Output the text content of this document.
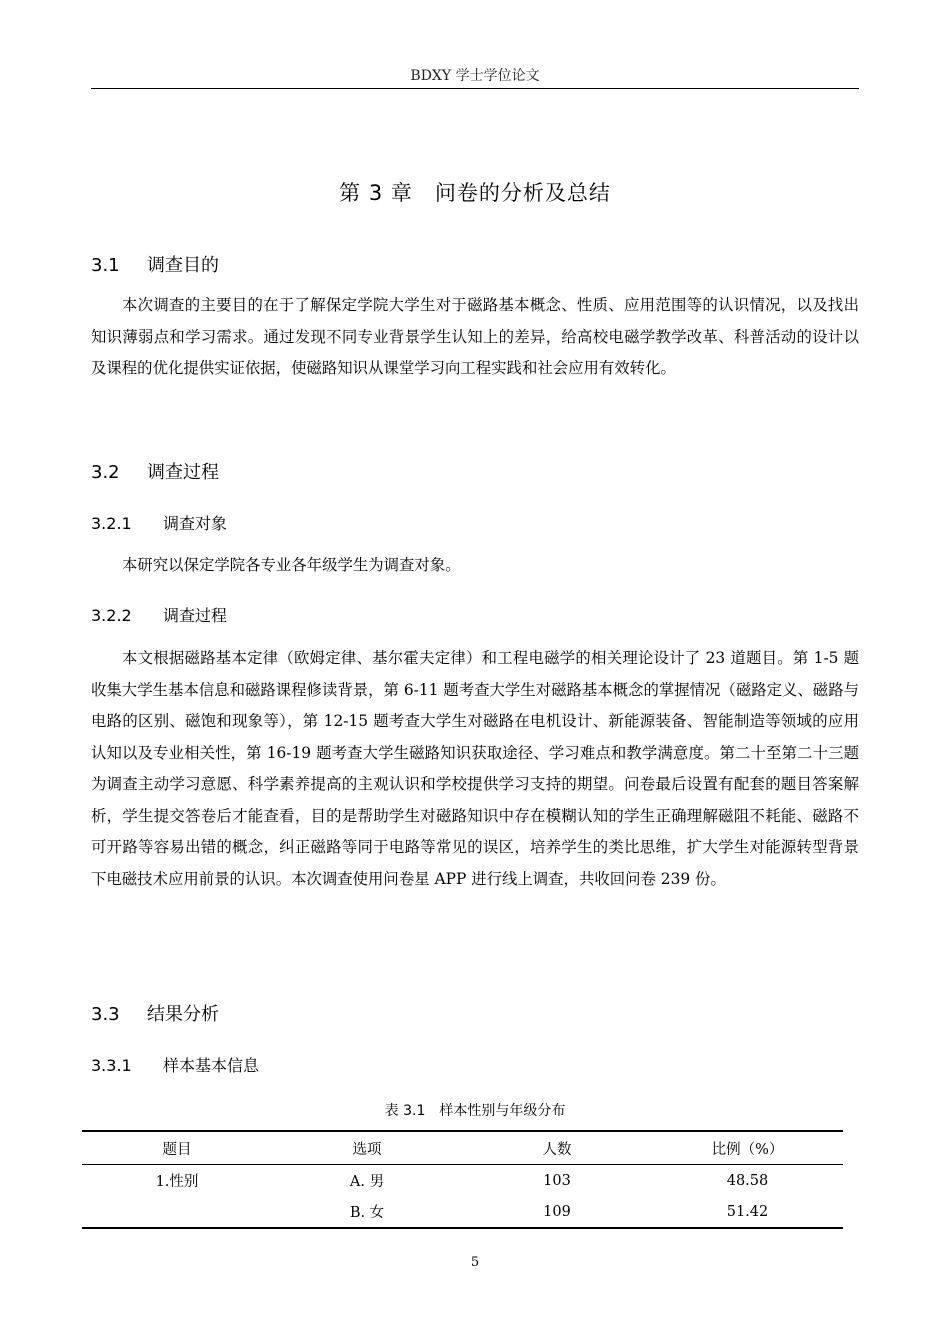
BDXY 学士学位论文
第 3 章　问卷的分析及总结
3.1 调查目的

本次调查的主要目的在于了解保定学院大学生对于磁路基本概念、性质、应用范围等的认识情况，以及找出知识薄弱点和学习需求。通过发现不同专业背景学生认知上的差异，给高校电磁学教学改革、科普活动的设计以及课程的优化提供实证依据，使磁路知识从课堂学习向工程实践和社会应用有效转化。

3.2 调查过程
3.2.1 调查对象

本研究以保定学院各专业各年级学生为调查对象。

3.2.2 调查过程

本文根据磁路基本定律（欧姆定律、基尔霍夫定律）和工程电磁学的相关理论设计了 23 道题目。第 1-5 题收集大学生基本信息和磁路课程修读背景，第 6-11 题考查大学生对磁路基本概念的掌握情况（磁路定义、磁路与电路的区别、磁饱和现象等），第 12-15 题考查大学生对磁路在电机设计、新能源装备、智能制造等领域的应用认知以及专业相关性，第 16-19 题考查大学生磁路知识获取途径、学习难点和教学满意度。第二十至第二十三题为调查主动学习意愿、科学素养提高的主观认识和学校提供学习支持的期望。问卷最后设置有配套的题目答案解析，学生提交答卷后才能查看，目的是帮助学生对磁路知识中存在模糊认知的学生正确理解磁阻不耗能、磁路不可开路等容易出错的概念，纠正磁路等同于电路等常见的误区，培养学生的类比思维，扩大学生对能源转型背景下电磁技术应用前景的认识。本次调查使用问卷星 APP 进行线上调查，共收回问卷 239 份。

3.3 结果分析
3.3.1 样本基本信息
表 3.1　样本性别与年级分布
题目	选项	人数	比例（%）
1.性别	A. 男	103	48.58
	B. 女	109	51.42
5
